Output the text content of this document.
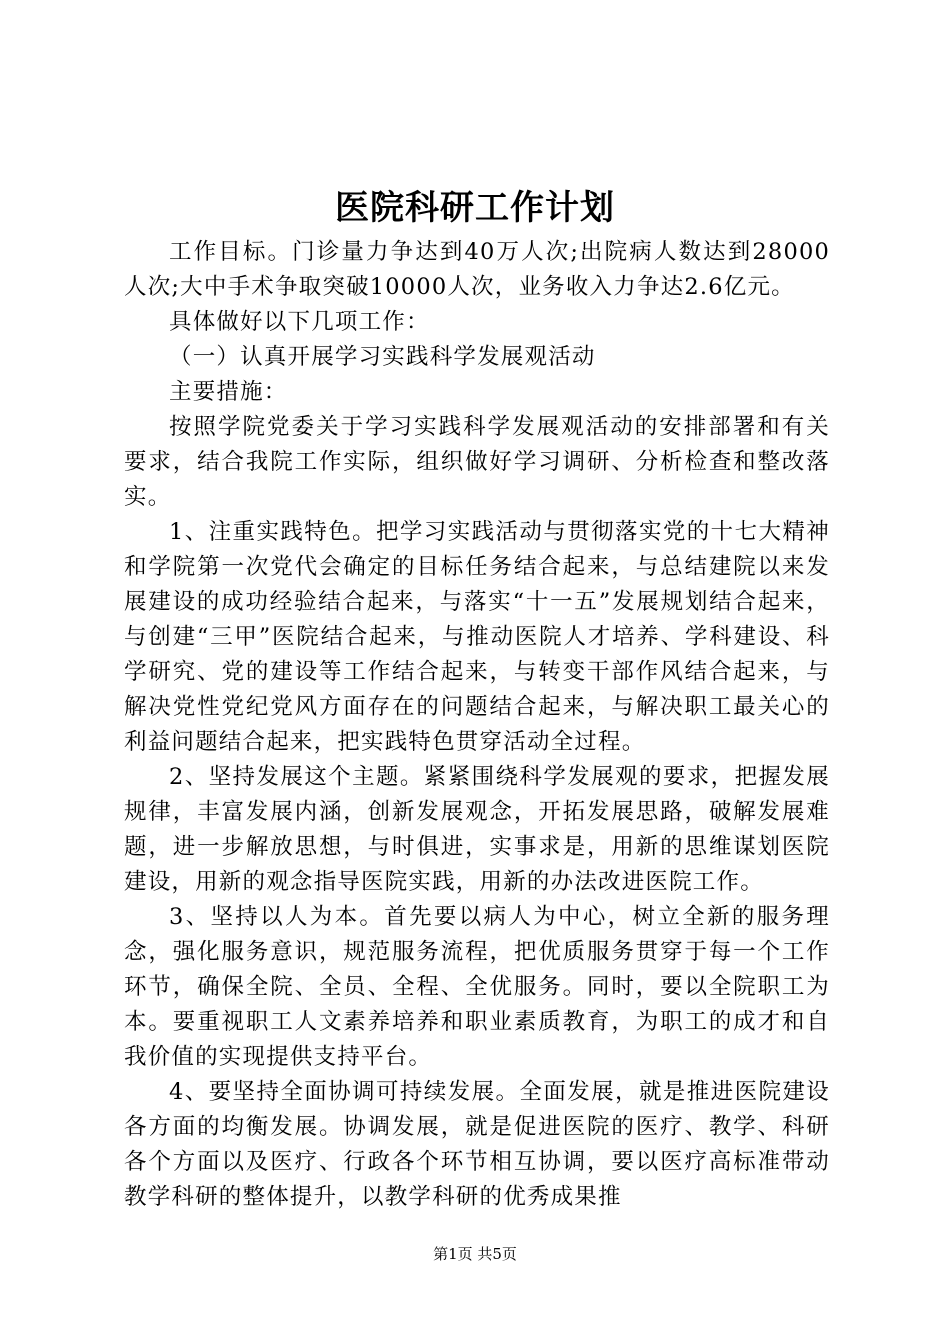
医院科研工作计划

工作目标。门诊量力争达到40万人次;出院病人数达到28000人次;大中手术争取突破10000人次，业务收入力争达2.6亿元。

具体做好以下几项工作：

（一）认真开展学习实践科学发展观活动

主要措施：

按照学院党委关于学习实践科学发展观活动的安排部署和有关要求，结合我院工作实际，组织做好学习调研、分析检查和整改落实。

1、注重实践特色。把学习实践活动与贯彻落实党的十七大精神和学院第一次党代会确定的目标任务结合起来，与总结建院以来发展建设的成功经验结合起来，与落实“十一五”发展规划结合起来，与创建“三甲”医院结合起来，与推动医院人才培养、学科建设、科学研究、党的建设等工作结合起来，与转变干部作风结合起来，与解决党性党纪党风方面存在的问题结合起来，与解决职工最关心的利益问题结合起来，把实践特色贯穿活动全过程。

2、坚持发展这个主题。紧紧围绕科学发展观的要求，把握发展规律，丰富发展内涵，创新发展观念，开拓发展思路，破解发展难题，进一步解放思想，与时俱进，实事求是，用新的思维谋划医院建设，用新的观念指导医院实践，用新的办法改进医院工作。

3、坚持以人为本。首先要以病人为中心，树立全新的服务理念，强化服务意识，规范服务流程，把优质服务贯穿于每一个工作环节，确保全院、全员、全程、全优服务。同时，要以全院职工为本。要重视职工人文素养培养和职业素质教育，为职工的成才和自我价值的实现提供支持平台。

4、要坚持全面协调可持续发展。全面发展，就是推进医院建设各方面的均衡发展。协调发展，就是促进医院的医疗、教学、科研各个方面以及医疗、行政各个环节相互协调，要以医疗高标准带动教学科研的整体提升，以教学科研的优秀成果推

第1页 共5页
